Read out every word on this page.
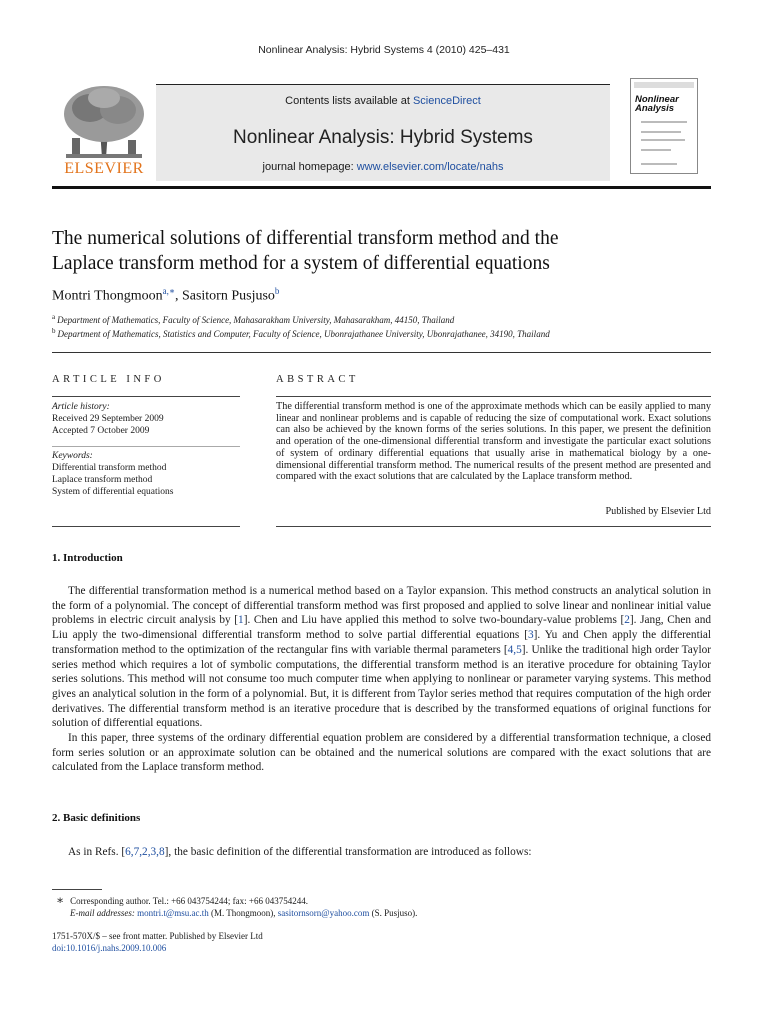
Nonlinear Analysis: Hybrid Systems 4 (2010) 425–431
ELSEVIER
Contents lists available at ScienceDirect
Nonlinear Analysis: Hybrid Systems
journal homepage: www.elsevier.com/locate/nahs
Nonlinear
Analysis
The numerical solutions of differential transform method and the
Laplace transform method for a system of differential equations
Montri Thongmoon$^{a,∗}$, Sasitorn Pusjuso$^b$
$^a$ Department of Mathematics, Faculty of Science, Mahasarakham University, Mahasarakham, 44150, Thailand
$^b$ Department of Mathematics, Statistics and Computer, Faculty of Science, Ubonrajathanee University, Ubonrajathanee, 34190, Thailand
ARTICLE INFO
Article history:
Received 29 September 2009
Accepted 7 October 2009
Keywords:
Differential transform method
Laplace transform method
System of differential equations
ABSTRACT
The differential transform method is one of the approximate methods which can be easily applied to many linear and nonlinear problems and is capable of reducing the size of computational work. Exact solutions can also be achieved by the known forms of the series solutions. In this paper, we present the definition and operation of the one-dimensional differential transform and investigate the particular exact solutions of system of ordinary differential equations that usually arise in mathematical biology by a one-dimensional differential transform method. The numerical results of the present method are presented and compared with the exact solutions that are calculated by the Laplace transform method.
Published by Elsevier Ltd
1. Introduction

The differential transformation method is a numerical method based on a Taylor expansion. This method constructs an analytical solution in the form of a polynomial. The concept of differential transform method was first proposed and applied to solve linear and nonlinear initial value problems in electric circuit analysis by [1]. Chen and Liu have applied this method to solve two-boundary-value problems [2]. Jang, Chen and Liu apply the two-dimensional differential transform method to solve partial differential equations [3]. Yu and Chen apply the differential transformation method to the optimization of the rectangular fins with variable thermal parameters [4,5]. Unlike the traditional high order Taylor series method which requires a lot of symbolic computations, the differential transform method is an iterative procedure for obtaining Taylor series solutions. This method will not consume too much computer time when applying to nonlinear or parameter varying systems. This method gives an analytical solution in the form of a polynomial. But, it is different from Taylor series method that requires computation of the high order derivatives. The differential transform method is an iterative procedure that is described by the transformed equations of original functions for solution of differential equations.

In this paper, three systems of the ordinary differential equation problem are considered by a differential transformation technique, a closed form series solution or an approximate solution can be obtained and the numerical solutions are compared with the exact solutions that are calculated from the Laplace transform method.

2. Basic definitions

As in Refs. [6,7,2,3,8], the basic definition of the differential transformation are introduced as follows:

∗ Corresponding author. Tel.: +66 043754244; fax: +66 043754244.
E-mail addresses: montri.t@msu.ac.th (M. Thongmoon), sasitornsorn@yahoo.com (S. Pusjuso).
1751-570X/$ – see front matter. Published by Elsevier Ltd
doi:10.1016/j.nahs.2009.10.006
